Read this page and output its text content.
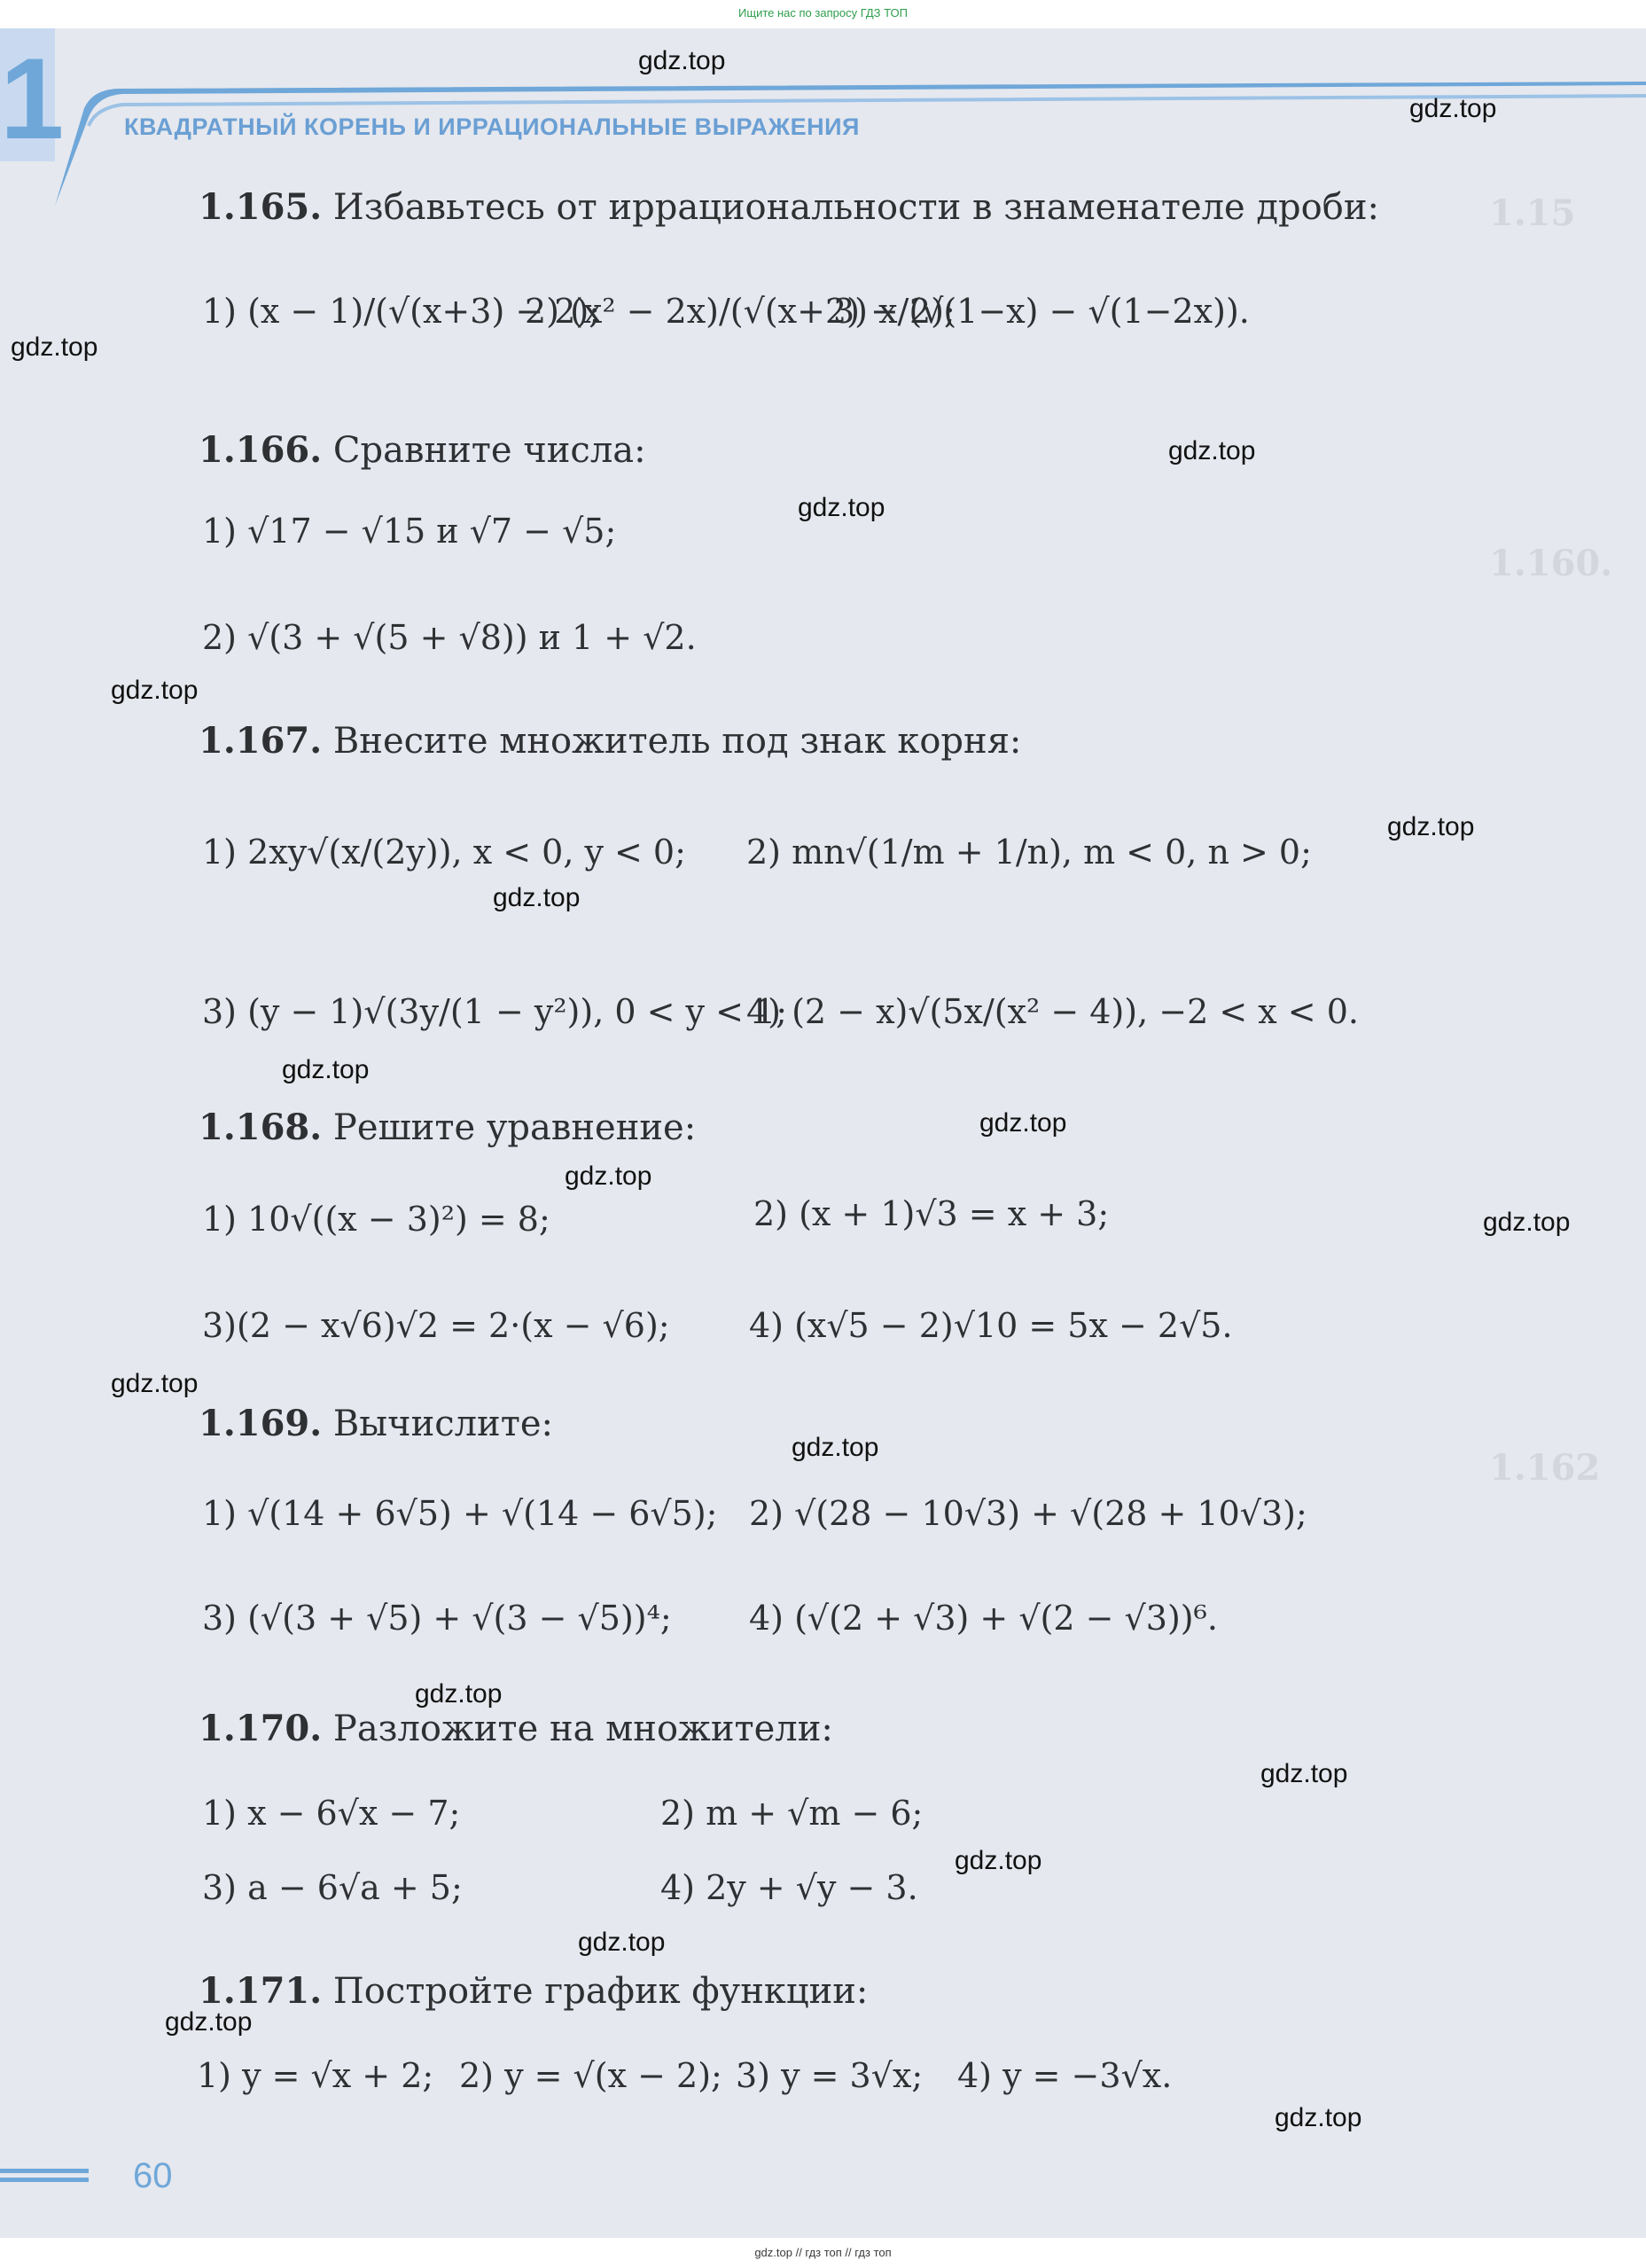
Ищите нас по запросу ГДЗ ТОП
1	КВАДРАТНЫЙ КОРЕНЬ И ИРРАЦИОНАЛЬНЫЕ ВЫРАЖЕНИЯ
1.15
1.160.
1.162
1.165. Избавьтесь от иррациональности в знаменателе дроби:
1) (x − 1)/(√(x+3) − 2);
2) (x² − 2x)/(√(x+2) − 2);
3) x/(√(1−x) − √(1−2x)).
1.166. Сравните числа:
1) √17 − √15 и √7 − √5;
2) √(3 + √(5 + √8)) и 1 + √2.
1.167. Внесите множитель под знак корня:
1) 2xy√(x/(2y)), x < 0, y < 0; 2) mn√(1/m + 1/n), m < 0, n > 0;
3) (y − 1)√(3y/(1 − y²)), 0 < y < 1;
4) (2 − x)√(5x/(x² − 4)), −2 < x < 0.
1.168. Решите уравнение:
1) 10√((x − 3)²) = 8;	2) (x + 1)√3 = x + 3;
3)(2 − x√6)√2 = 2·(x − √6); 4) (x√5 − 2)√10 = 5x − 2√5.
1.169. Вычислите:
1) √(14 + 6√5) + √(14 − 6√5); 2) √(28 − 10√3) + √(28 + 10√3);
3) (√(3 + √5) + √(3 − √5))⁴; 4) (√(2 + √3) + √(2 − √3))⁶.
1.170. Разложите на множители:
1) x − 6√x − 7;	2) m + √m − 6;
3) a − 6√a + 5;	4) 2y + √y − 3.
1.171. Постройте график функции:
1) y = √x + 2; 2) y = √(x − 2); 3) y = 3√x; 4) y = −3√x.
60
gdz.top
gdz.top
gdz.top
gdz.top
gdz.top
gdz.top
gdz.top
gdz.top
gdz.top
gdz.top
gdz.top
gdz.top
gdz.top
gdz.top
gdz.top
gdz.top
gdz.top
gdz.top
gdz.top
gdz.top
gdz.top // гдз топ // гдз топ
